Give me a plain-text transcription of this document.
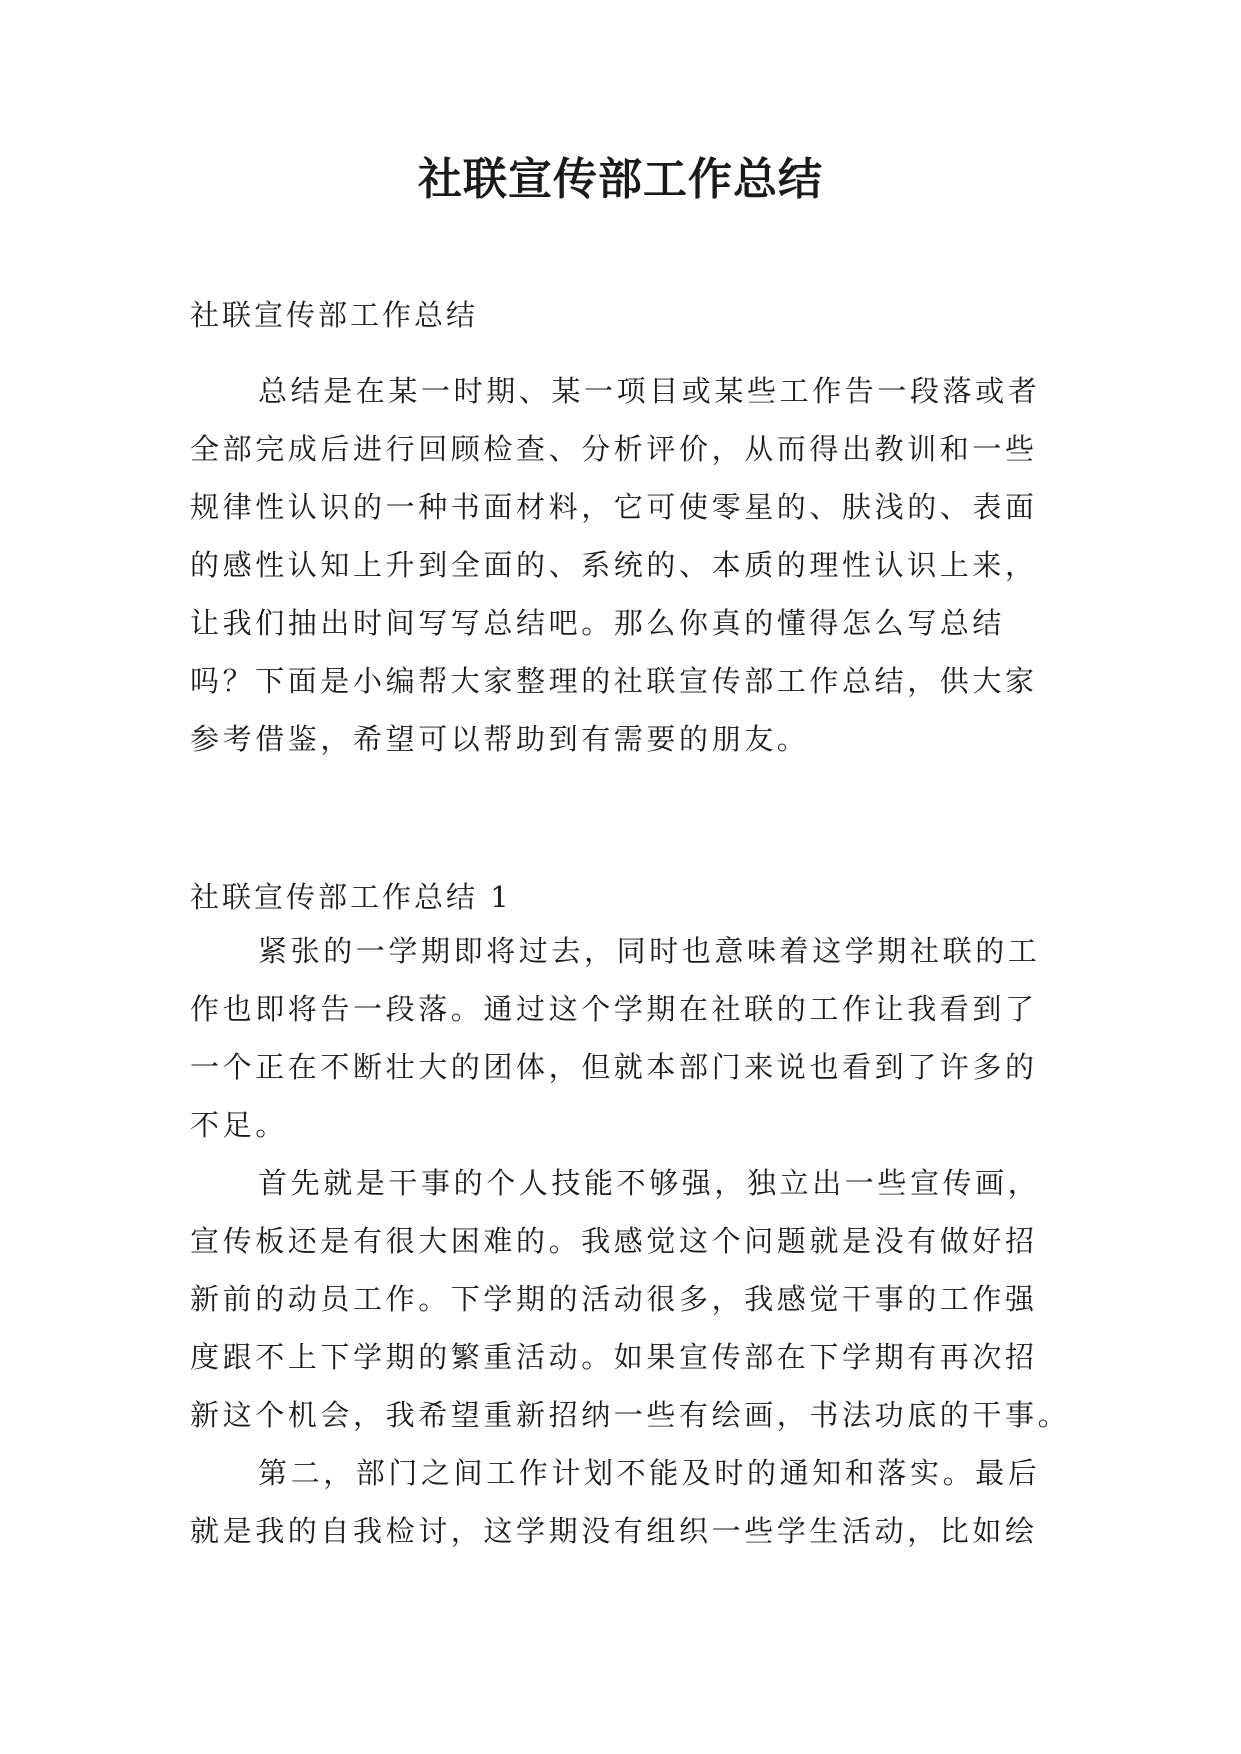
社联宣传部工作总结

社联宣传部工作总结

总结是在某一时期、某一项目或某些工作告一段落或者
全部完成后进行回顾检查、分析评价，从而得出教训和一些
规律性认识的一种书面材料，它可使零星的、肤浅的、表面
的感性认知上升到全面的、系统的、本质的理性认识上来，
让我们抽出时间写写总结吧。那么你真的懂得怎么写总结
吗？下面是小编帮大家整理的社联宣传部工作总结，供大家
参考借鉴，希望可以帮助到有需要的朋友。

社联宣传部工作总结 1

紧张的一学期即将过去，同时也意味着这学期社联的工
作也即将告一段落。通过这个学期在社联的工作让我看到了
一个正在不断壮大的团体，但就本部门来说也看到了许多的
不足。
首先就是干事的个人技能不够强，独立出一些宣传画，
宣传板还是有很大困难的。我感觉这个问题就是没有做好招
新前的动员工作。下学期的活动很多，我感觉干事的工作强
度跟不上下学期的繁重活动。如果宣传部在下学期有再次招
新这个机会，我希望重新招纳一些有绘画，书法功底的干事。
第二，部门之间工作计划不能及时的通知和落实。最后
就是我的自我检讨，这学期没有组织一些学生活动，比如绘
